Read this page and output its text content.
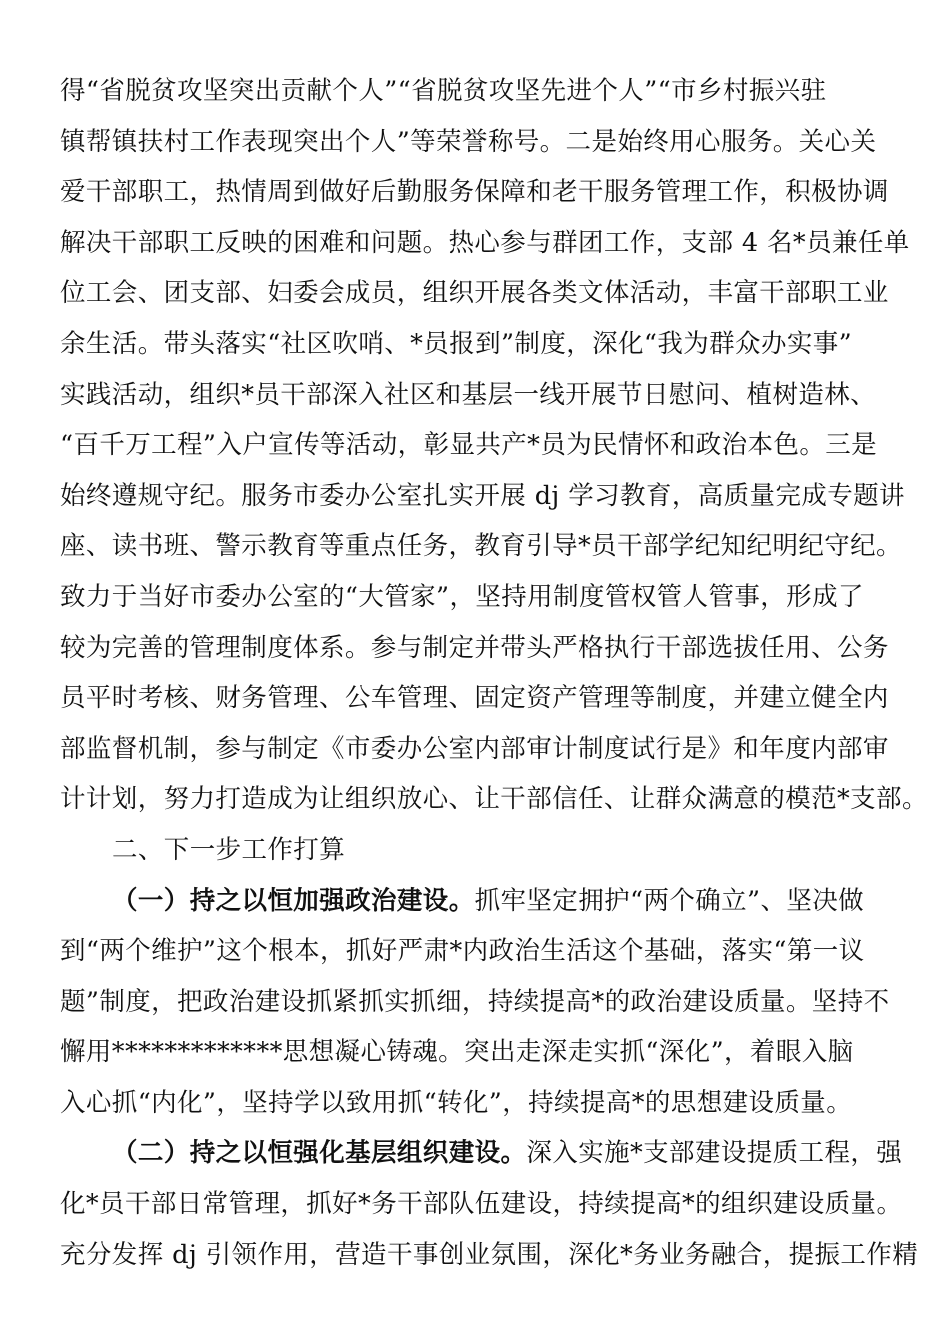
得“省脱贫攻坚突出贡献个人”“省脱贫攻坚先进个人”“市乡村振兴驻
镇帮镇扶村工作表现突出个人”等荣誉称号。二是始终用心服务。关心关
爱干部职工，热情周到做好后勤服务保障和老干服务管理工作，积极协调
解决干部职工反映的困难和问题。热心参与群团工作，支部 4 名*员兼任单
位工会、团支部、妇委会成员，组织开展各类文体活动，丰富干部职工业
余生活。带头落实“社区吹哨、*员报到”制度，深化“我为群众办实事”
实践活动，组织*员干部深入社区和基层一线开展节日慰问、植树造林、
“百千万工程”入户宣传等活动，彰显共产*员为民情怀和政治本色。三是
始终遵规守纪。服务市委办公室扎实开展 dj 学习教育，高质量完成专题讲
座、读书班、警示教育等重点任务，教育引导*员干部学纪知纪明纪守纪。
致力于当好市委办公室的“大管家”，坚持用制度管权管人管事，形成了
较为完善的管理制度体系。参与制定并带头严格执行干部选拔任用、公务
员平时考核、财务管理、公车管理、固定资产管理等制度，并建立健全内
部监督机制，参与制定《市委办公室内部审计制度试行是》和年度内部审
计计划，努力打造成为让组织放心、让干部信任、让群众满意的模范*支部。
二、下一步工作打算
（一）持之以恒加强政治建设。抓牢坚定拥护“两个确立”、坚决做
到“两个维护”这个根本，抓好严肃*内政治生活这个基础，落实“第一议
题”制度，把政治建设抓紧抓实抓细，持续提高*的政治建设质量。坚持不
懈用*************思想凝心铸魂。突出走深走实抓“深化”，着眼入脑
入心抓“内化”，坚持学以致用抓“转化”，持续提高*的思想建设质量。
（二）持之以恒强化基层组织建设。深入实施*支部建设提质工程，强
化*员干部日常管理，抓好*务干部队伍建设，持续提高*的组织建设质量。
充分发挥 dj 引领作用，营造干事创业氛围，深化*务业务融合，提振工作精
